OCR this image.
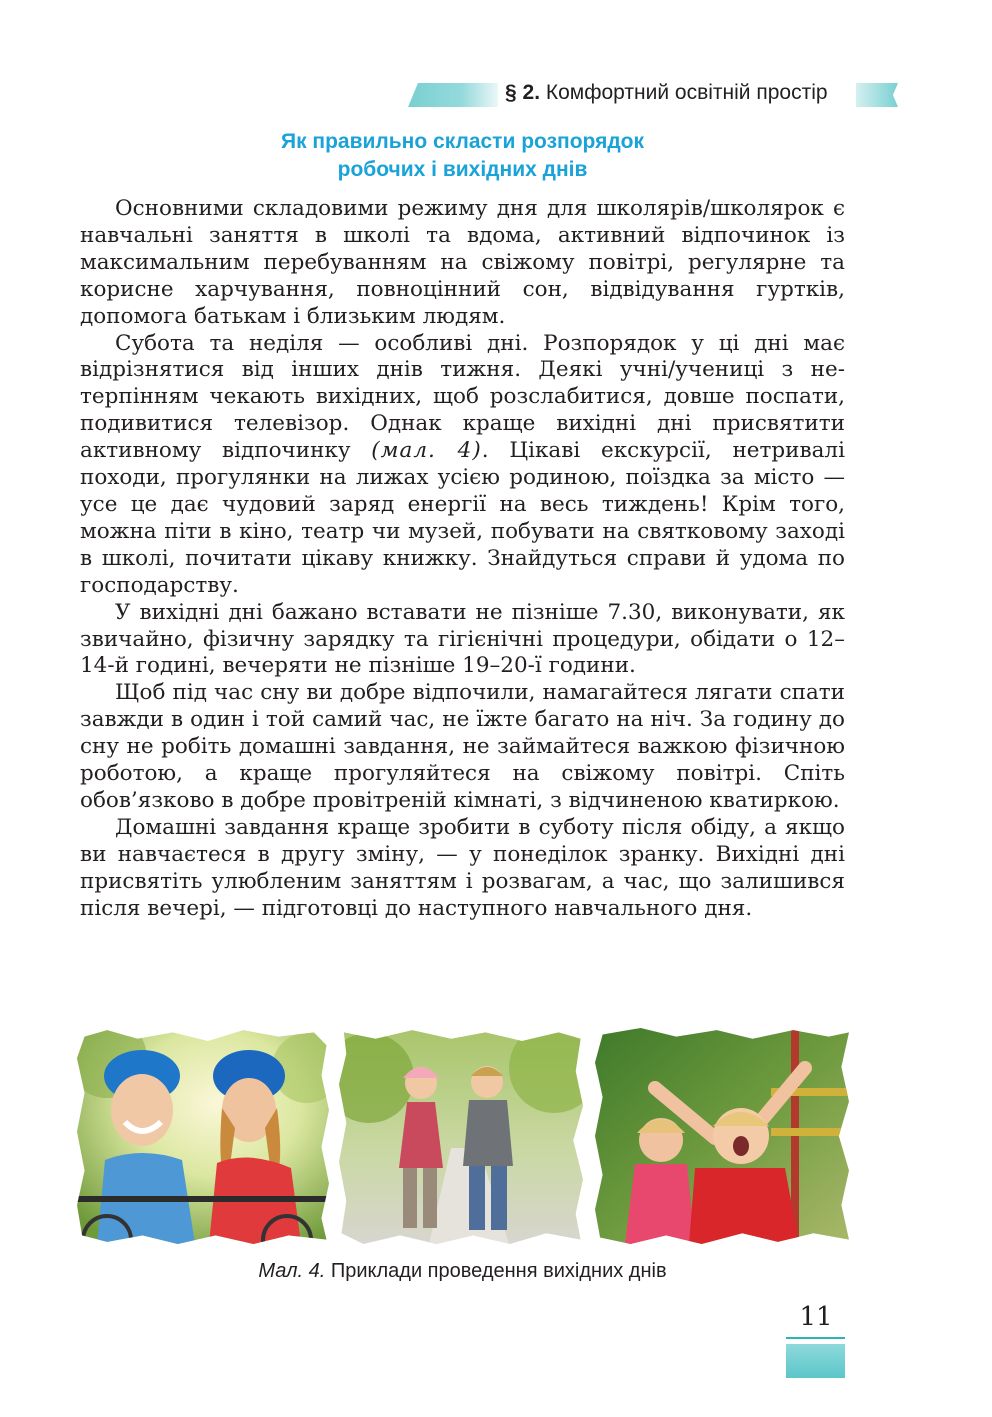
§ 2. Комфортний освітній простір
Як правильно скласти розпорядок
робочих і вихідних днів

Основними складовими режиму дня для школярів/школярок є навчальні заняття в школі та вдома, активний відпочинок із максимальним перебуванням на свіжому повітрі, регулярне та корисне харчування, повноцінний сон, відвідування гуртків, допомога батькам і близьким людям.

Субота та неділя — особливі дні. Розпорядок у ці дні має відрізнятися від інших днів тижня. Деякі учні/учениці з нетерпінням чекають вихідних, щоб розслабитися, довше поспати, подивитися телевізор. Однак краще вихідні дні присвятити активному відпочинку (мал. 4). Цікаві екскурсії, нетривалі походи, прогулянки на лижах усією родиною, поїздка за місто — усе це дає чудовий заряд енергії на весь тиждень! Крім того, можна піти в кіно, театр чи музей, побувати на святковому заході в школі, почитати цікаву книжку. Знайдуться справи й удома по господарству.

У вихідні дні бажано вставати не пізніше 7.30, виконувати, як звичайно, фізичну зарядку та гігієнічні процедури, обідати о 12–14-й годині, вечеряти не пізніше 19–20-ї години.

Щоб під час сну ви добре відпочили, намагайтеся лягати спати завжди в один і той самий час, не їжте багато на ніч. За годину до сну не робіть домашні завдання, не займайтеся важкою фізичною роботою, а краще прогуляйтеся на свіжому повітрі. Спіть обов’язково в добре провітреній кімнаті, з відчиненою кватиркою.

Домашні завдання краще зробити в суботу після обіду, а якщо ви навчаєтеся в другу зміну, — у понеділок зранку. Вихідні дні присвятіть улюбленим заняттям і розвагам, а час, що залишився після вечері, — підготовці до наступного навчального дня.

Мал. 4. Приклади проведення вихідних днів
11
